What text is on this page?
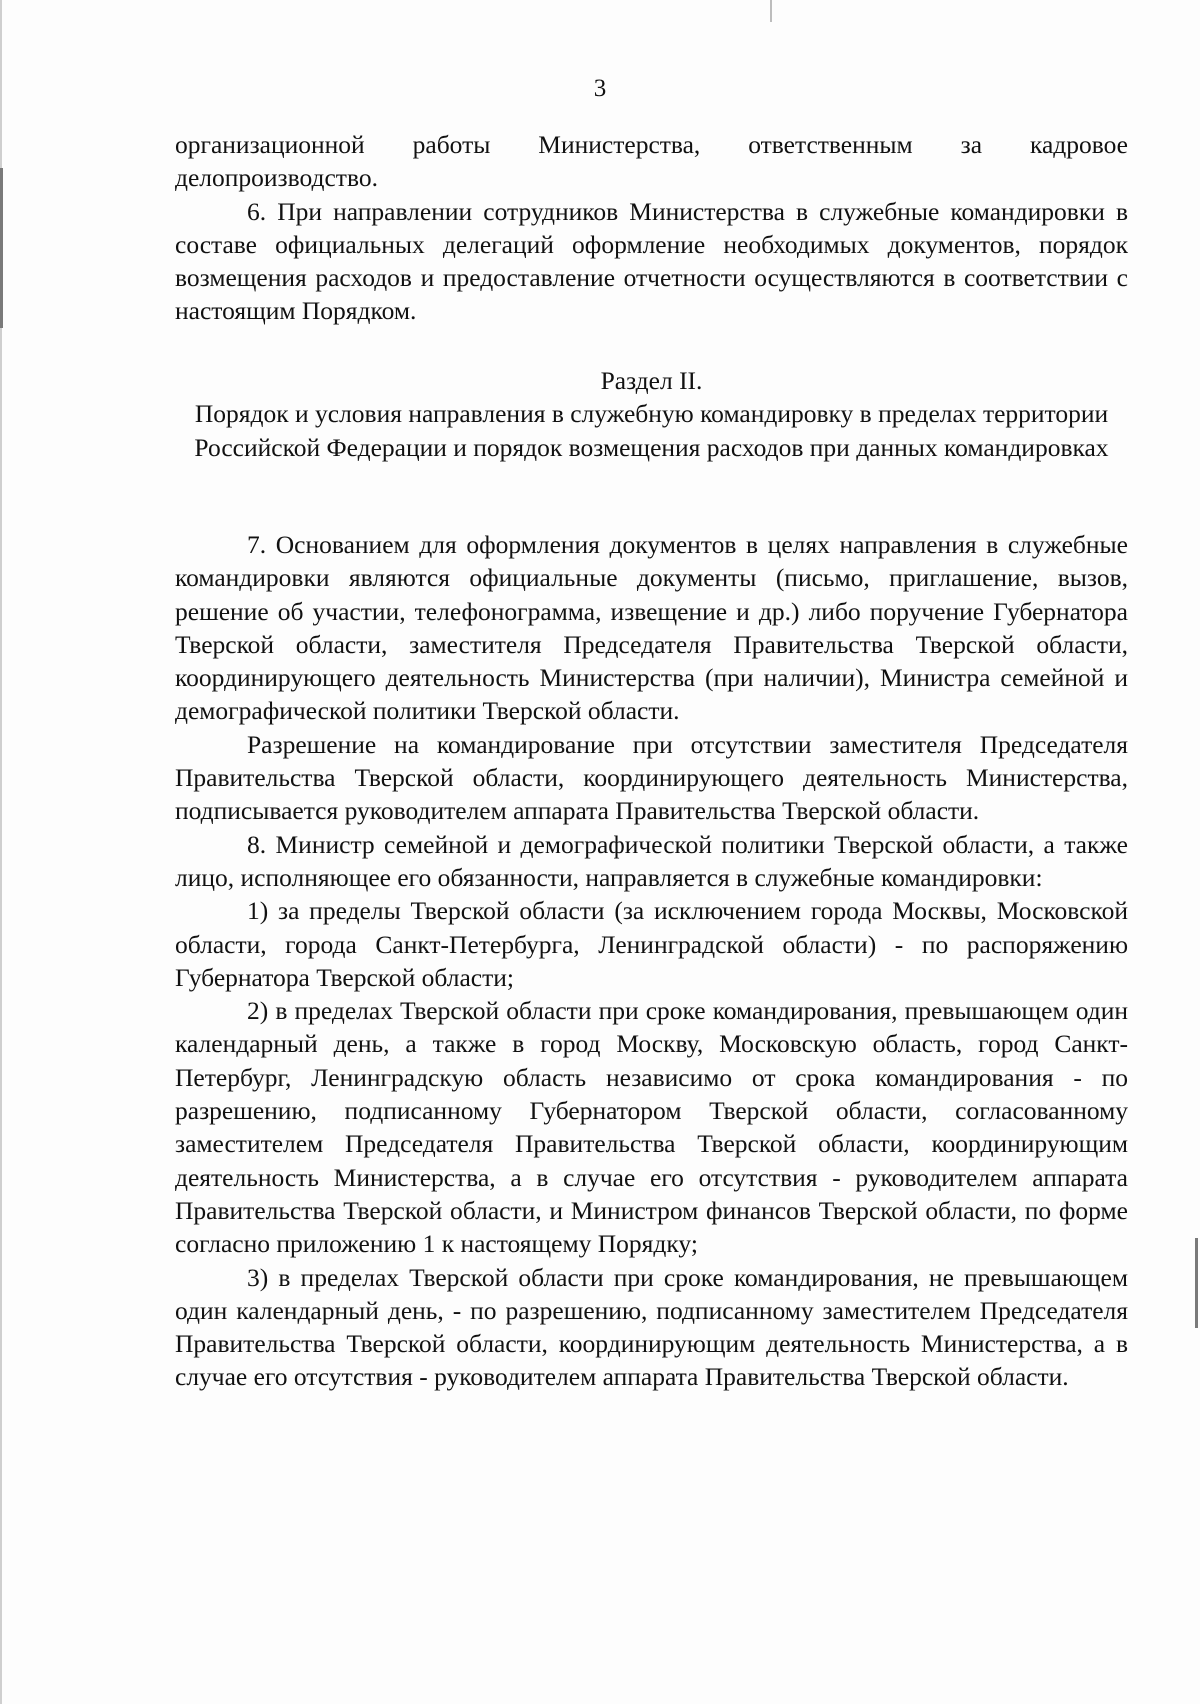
3

организационной работы Министерства, ответственным за кадровое делопроизводство.

6. При направлении сотрудников Министерства в служебные командировки в составе официальных делегаций оформление необходимых документов, порядок возмещения расходов и предоставление отчетности осуществляются в соответствии с настоящим Порядком.

Раздел II.

Порядок и условия направления в служебную командировку в пределах территории Российской Федерации и порядок возмещения расходов при данных командировках

7. Основанием для оформления документов в целях направления в служебные командировки являются официальные документы (письмо, приглашение, вызов, решение об участии, телефонограмма, извещение и др.) либо поручение Губернатора Тверской области, заместителя Председателя Правительства Тверской области, координирующего деятельность Министерства (при наличии), Министра семейной и демографической политики Тверской области.

Разрешение на командирование при отсутствии заместителя Председателя Правительства Тверской области, координирующего деятельность Министерства, подписывается руководителем аппарата Правительства Тверской области.

8. Министр семейной и демографической политики Тверской области, а также лицо, исполняющее его обязанности, направляется в служебные командировки:

1) за пределы Тверской области (за исключением города Москвы, Московской области, города Санкт-Петербурга, Ленинградской области) - по распоряжению Губернатора Тверской области;

2) в пределах Тверской области при сроке командирования, превышающем один календарный день, а также в город Москву, Московскую область, город Санкт-Петербург, Ленинградскую область независимо от срока командирования - по разрешению, подписанному Губернатором Тверской области, согласованному заместителем Председателя Правительства Тверской области, координирующим деятельность Министерства, а в случае его отсутствия - руководителем аппарата Правительства Тверской области, и Министром финансов Тверской области, по форме согласно приложению 1 к настоящему Порядку;

3) в пределах Тверской области при сроке командирования, не превышающем один календарный день, - по разрешению, подписанному заместителем Председателя Правительства Тверской области, координирующим деятельность Министерства, а в случае его отсутствия - руководителем аппарата Правительства Тверской области.
